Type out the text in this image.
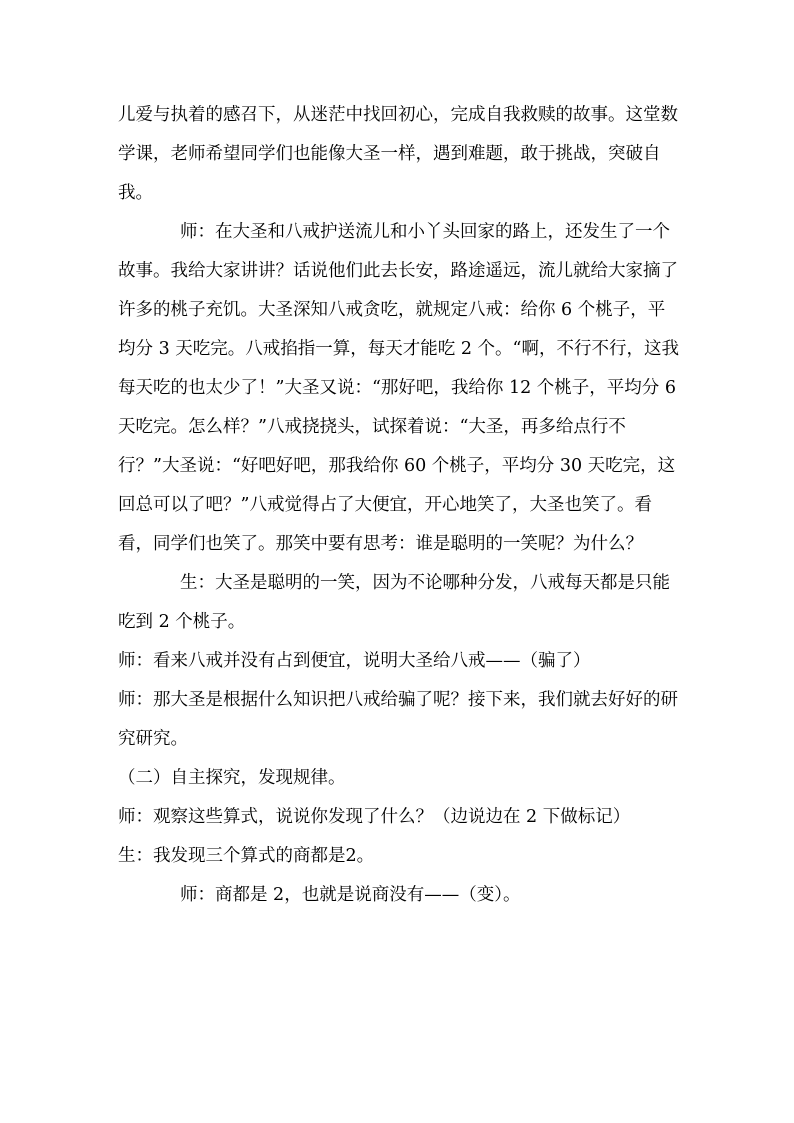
儿爱与执着的感召下，从迷茫中找回初心，完成自我救赎的故事。这堂数学课，老师希望同学们也能像大圣一样，遇到难题，敢于挑战，突破自我。

师：在大圣和八戒护送流儿和小丫头回家的路上，还发生了一个故事。我给大家讲讲？话说他们此去长安，路途遥远，流儿就给大家摘了许多的桃子充饥。大圣深知八戒贪吃，就规定八戒：给你 6 个桃子，平均分 3 天吃完。八戒掐指一算，每天才能吃 2 个。“啊，不行不行，这我每天吃的也太少了！”大圣又说：“那好吧，我给你 12 个桃子，平均分 6 天吃完。怎么样？”八戒挠挠头，试探着说：“大圣，再多给点行不行？”大圣说：“好吧好吧，那我给你 60 个桃子，平均分 30 天吃完，这回总可以了吧？”八戒觉得占了大便宜，开心地笑了，大圣也笑了。看看，同学们也笑了。那笑中要有思考：谁是聪明的一笑呢？为什么？

生：大圣是聪明的一笑，因为不论哪种分发，八戒每天都是只能吃到 2 个桃子。

师：看来八戒并没有占到便宜，说明大圣给八戒——（骗了）

师：那大圣是根据什么知识把八戒给骗了呢？接下来，我们就去好好的研究研究。

（二）自主探究，发现规律。

师：观察这些算式，说说你发现了什么？（边说边在 2 下做标记）

生：我发现三个算式的商都是2。

师：商都是 2，也就是说商没有——（变）。
